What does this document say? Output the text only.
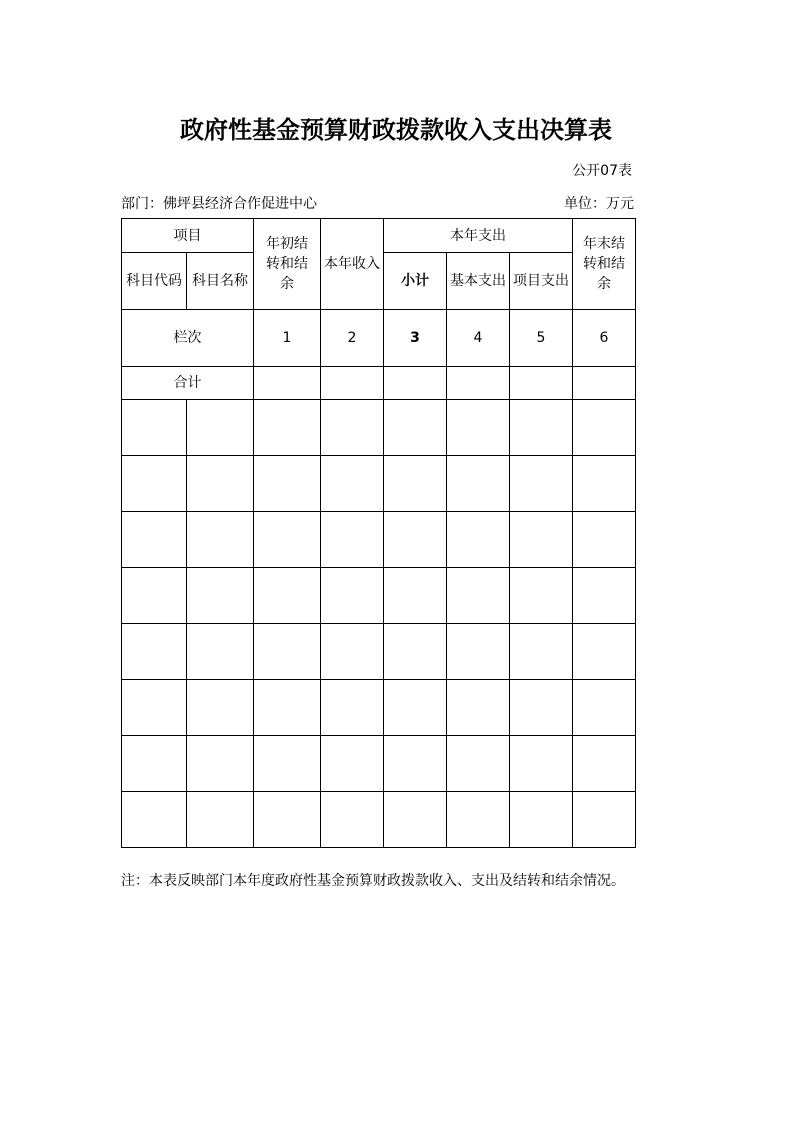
政府性基金预算财政拨款收入支出决算表
公开07表
部门：佛坪县经济合作促进中心	单位：万元
项目		年初结转和结余	本年收入	本年支出			年末结转和结余

科目代码	科目名称			小计	基本支出	项目支出	
栏次		1	2	3	4	5	6
合计							

注：本表反映部门本年度政府性基金预算财政拨款收入、支出及结转和结余情况。
